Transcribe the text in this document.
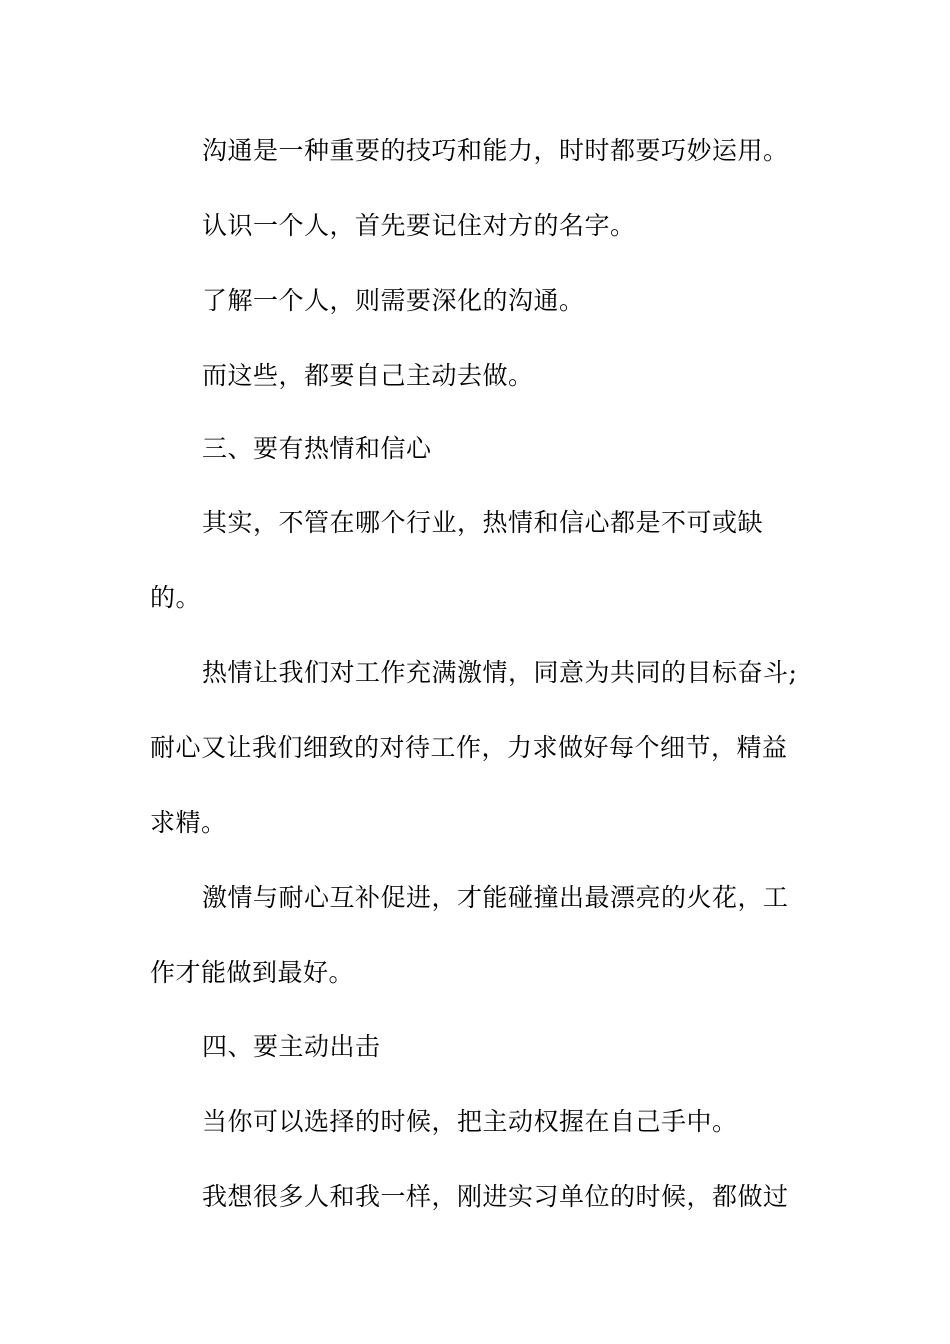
沟通是一种重要的技巧和能力，时时都要巧妙运用。
认识一个人，首先要记住对方的名字。
了解一个人，则需要深化的沟通。
而这些，都要自己主动去做。
三、要有热情和信心
其实，不管在哪个行业，热情和信心都是不可或缺
的。
热情让我们对工作充满激情，同意为共同的目标奋斗;
耐心又让我们细致的对待工作，力求做好每个细节，精益
求精。
激情与耐心互补促进，才能碰撞出最漂亮的火花，工
作才能做到最好。
四、要主动出击
当你可以选择的时候，把主动权握在自己手中。
我想很多人和我一样，刚进实习单位的时候，都做过
